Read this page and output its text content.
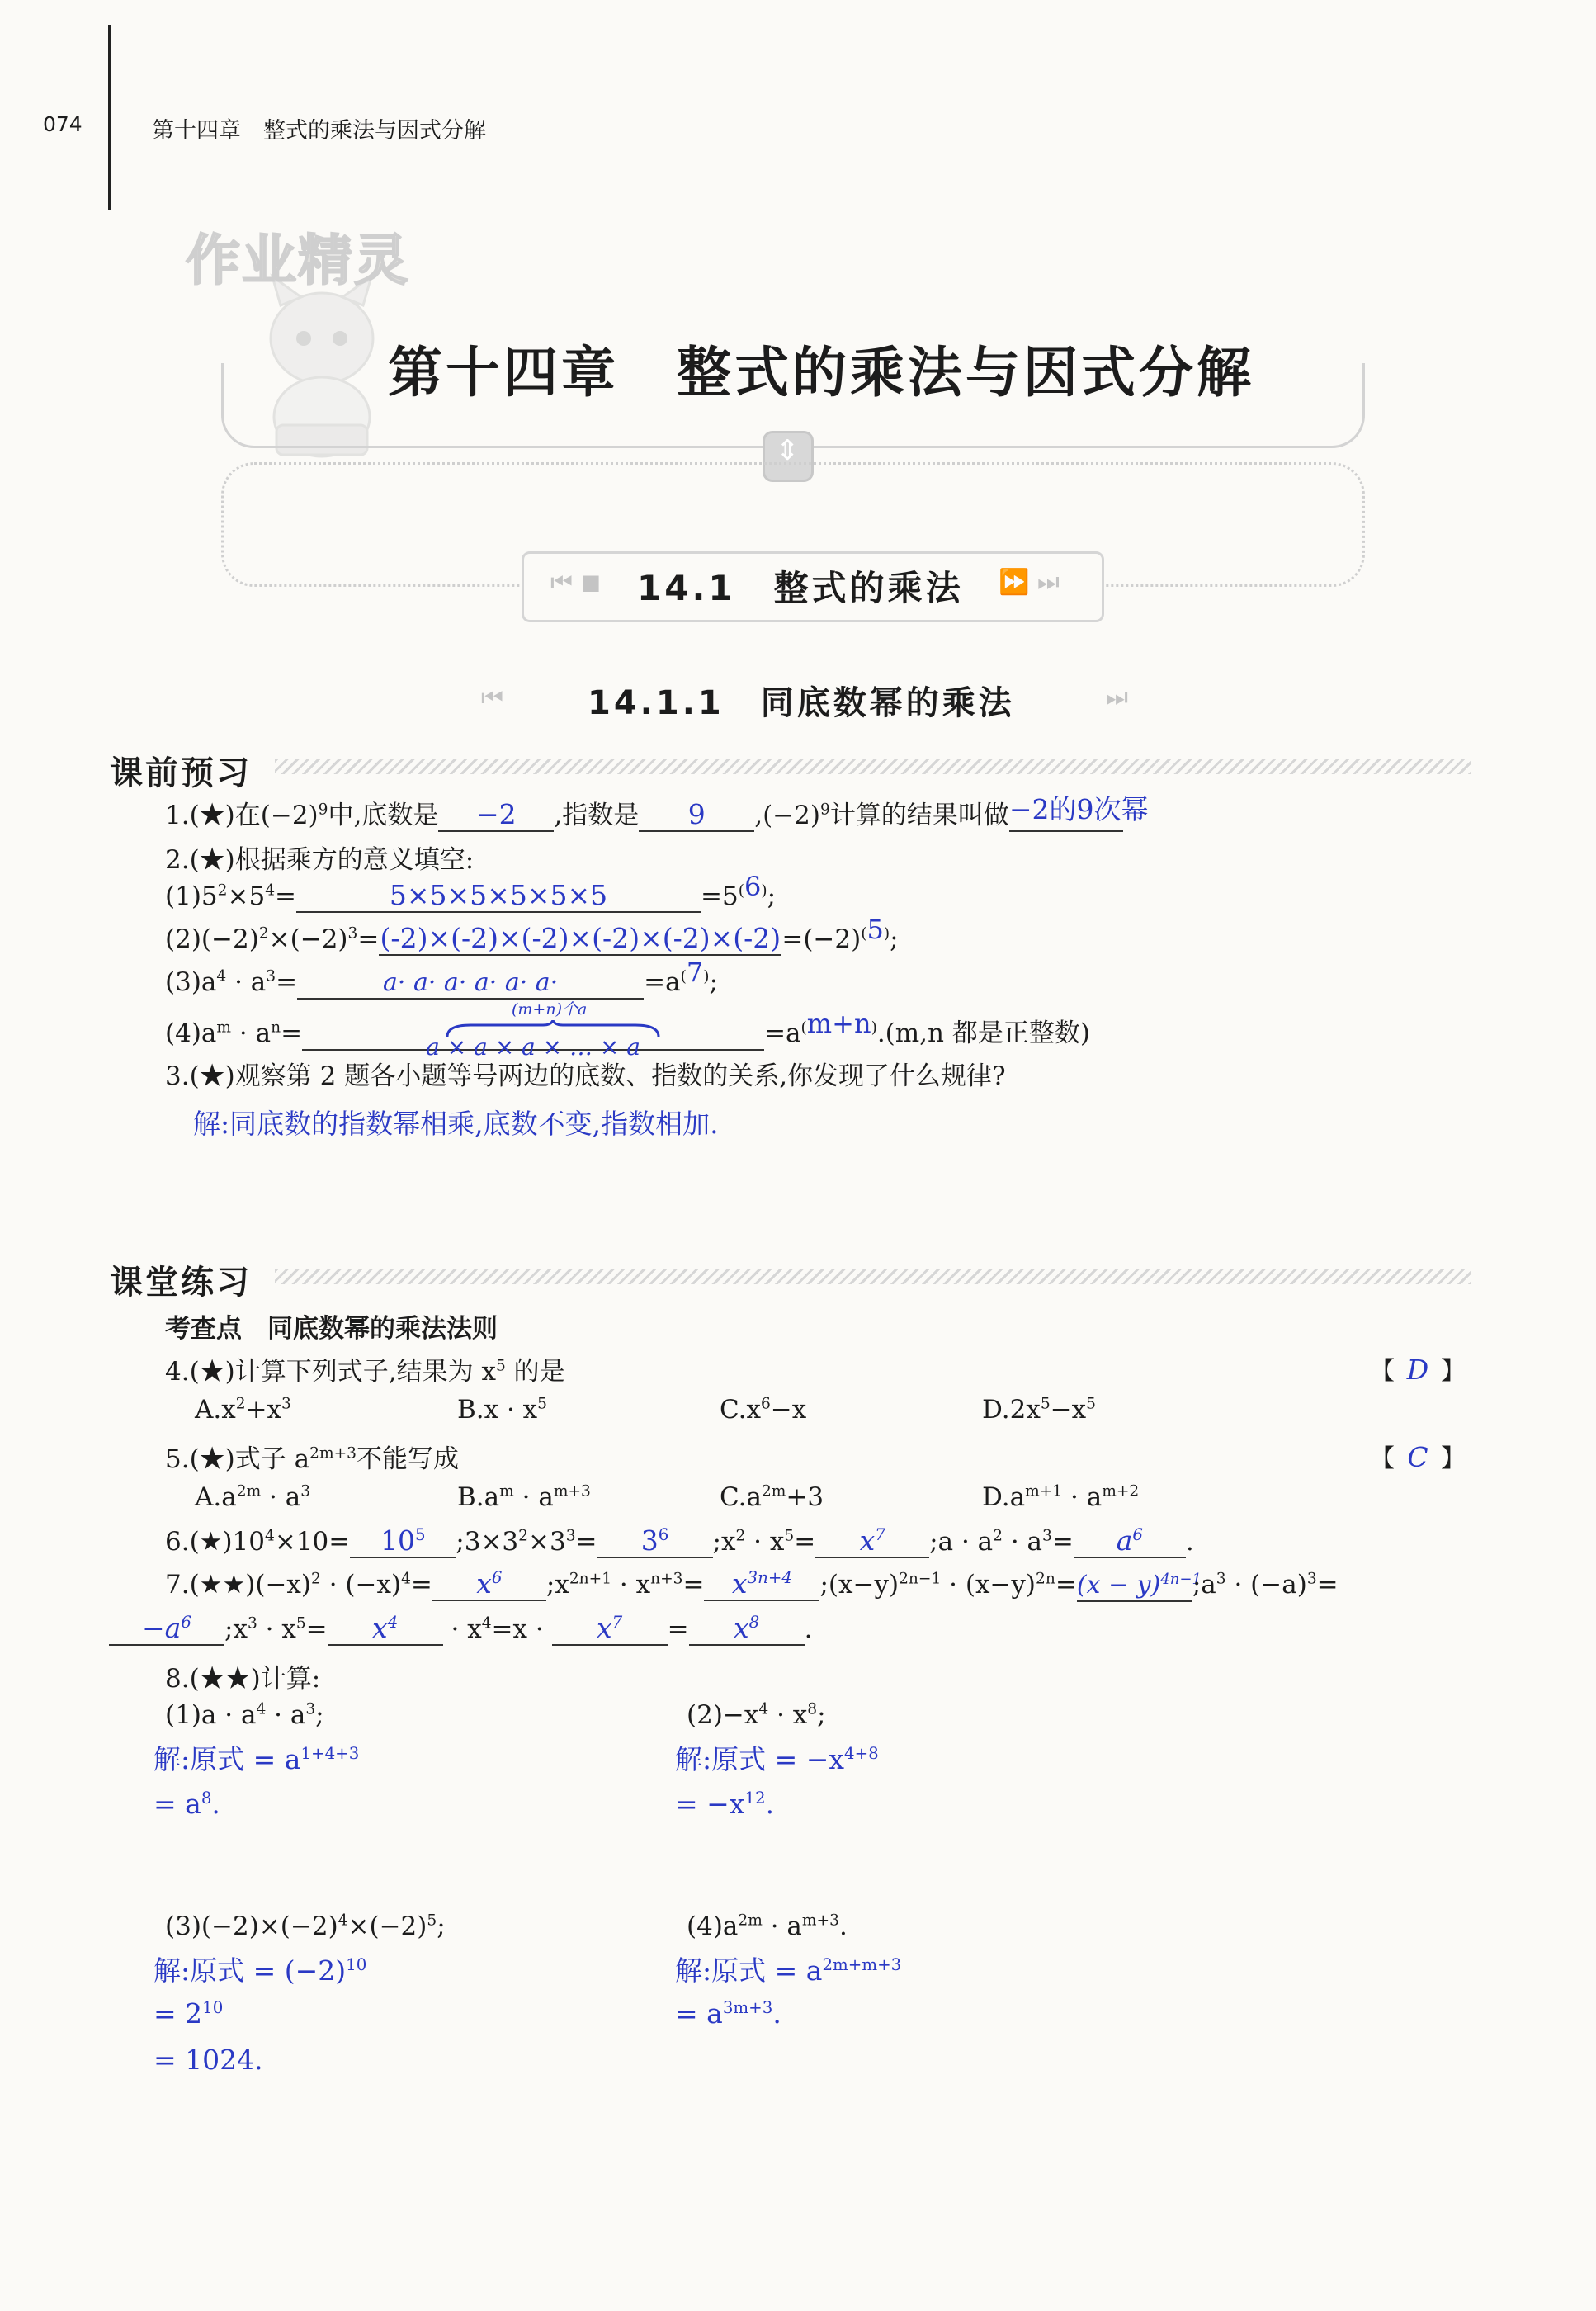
074	第十四章　整式的乘法与因式分解
作业精灵
第十四章　整式的乘法与因式分解
⇕
⏮ ◼ 14.1　整式的乘法 ⏩ ⏭
⏮	14.1.1　同底数幂的乘法	⏭
课前预习
1.(★)在$(-2)^9$中,底数是 −2 ,指数是 9 $,(-2)^9$计算的结果叫做−2的9次幂
2.(★)根据乘方的意义填空:
$(1)5^2\times 5^4=$	5×5×5×5×5×5	$=5^{(6)}$;
$(2)(-2)^2\times(-2)^3=(-2)\times(-2)\times(-2)\times(-2)\times(-2)\times(-2)=(-2)^{(5)}$;
$(3)a^4 \cdot a^3=$	a· a· a· a· a· a·	$=a^{(7)}$;
$(4)a^m \cdot a^n=$	a × a × a × … × a	$=a^{(m+n)}.(m,n$ 都是正整数)
(m+n)个a
3.(★)观察第 2 题各小题等号两边的底数、指数的关系,你发现了什么规律?
解:同底数的指数幂相乘,底数不变,指数相加.
课堂练习
考查点　同底数幂的乘法法则
4.(★)计算下列式子,结果为 $x^5$ 的是	【 D 】
$A.x^2+x^3$	$B.x \cdot x^5$	$C.x^6-x$	$D.2x^5-x^5$
5.(★)式子 $a^{2m+3}$不能写成	【 C 】
$A.a^{2m} \cdot a^3$	$B.a^m \cdot a^{m+3}$	$C.a^{2m}+3$	$D.a^{m+1} \cdot a^{m+2}$
$6.(★)10^4\times 10= 10^5$ $;3\times 3^2\times 3^3= 3^6$ $;x^2 \cdot x^5= x^7$ ;a · $a^2 \cdot a^3= a^6$ .
$7.(★★)(-x)^2 \cdot (-x)^4= x^6$ $;x^{2n+1} \cdot x^{n+3}= x^{3n+4}$ $;(x-y)^{2n-1} \cdot (x-y)^{2n}=(x$ − $y)^{4n-1};a^3 \cdot (-a)^3=$
$-a^6$ $;x^3 \cdot x^5= x^4 \cdot x^4=x \cdot x^7 = x^8$ .
8.(★★)计算:
$(1)a \cdot a^4 \cdot a^3$;
解:原式 = $a^{1+4+3}$
= $a^8$.
$(2)-x^4 \cdot x^8$;
解:原式 = $-x^{4+8}$
= $-x^{12}$.
$(3)(-2)\times(-2)^4\times(-2)^5$;
解:原式 = $(-2)^{10}$
= $2^{10}$
= 1024.
$(4)a^{2m} \cdot a^{m+3}$.
解:原式 = $a^{2m+m+3}$
= $a^{3m+3}$.
